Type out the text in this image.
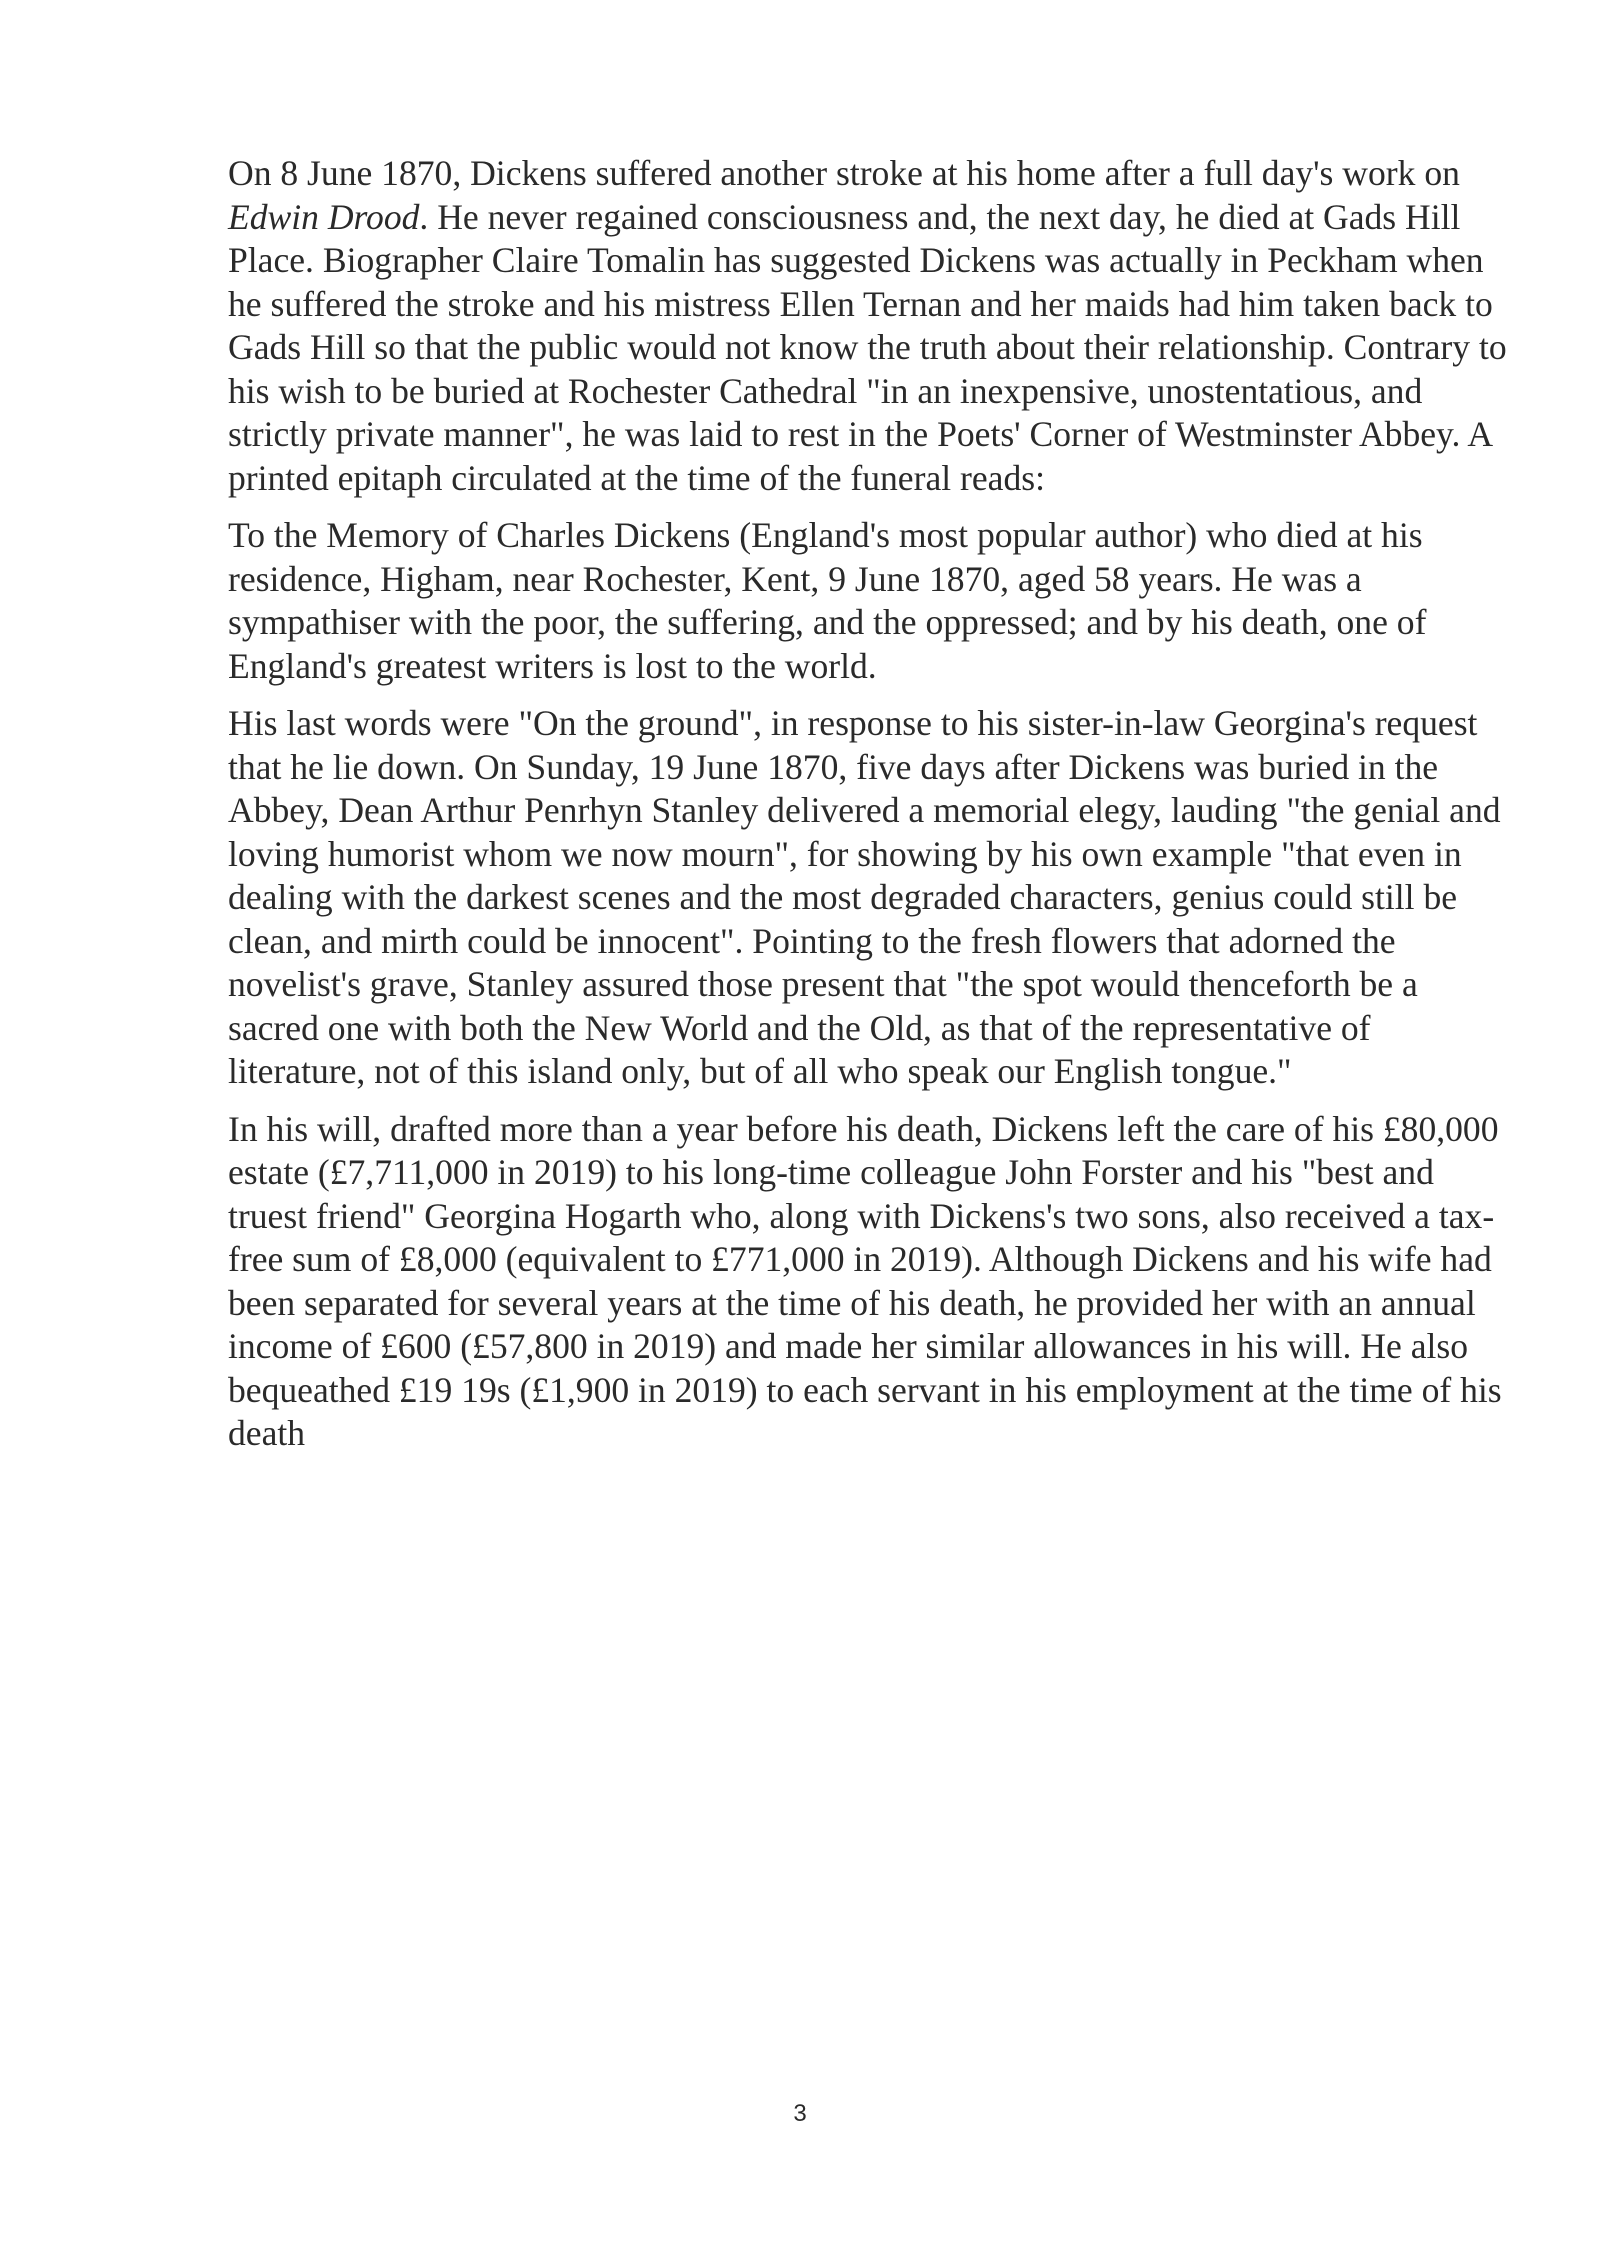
On 8 June 1870, Dickens suffered another stroke at his home after a full day's work on Edwin Drood. He never regained consciousness and, the next day, he died at Gads Hill Place. Biographer Claire Tomalin has suggested Dickens was actually in Peckham when he suffered the stroke and his mistress Ellen Ternan and her maids had him taken back to Gads Hill so that the public would not know the truth about their relationship. Contrary to his wish to be buried at Rochester Cathedral "in an inexpensive, unostentatious, and strictly private manner", he was laid to rest in the Poets' Corner of Westminster Abbey. A printed epitaph circulated at the time of the funeral reads:

To the Memory of Charles Dickens (England's most popular author) who died at his residence, Higham, near Rochester, Kent, 9 June 1870, aged 58 years. He was a sympathiser with the poor, the suffering, and the oppressed; and by his death, one of England's greatest writers is lost to the world.

His last words were "On the ground", in response to his sister-in-law Georgina's request that he lie down. On Sunday, 19 June 1870, five days after Dickens was buried in the Abbey, Dean Arthur Penrhyn Stanley delivered a memorial elegy, lauding "the genial and loving humorist whom we now mourn", for showing by his own example "that even in dealing with the darkest scenes and the most degraded characters, genius could still be clean, and mirth could be innocent". Pointing to the fresh flowers that adorned the novelist's grave, Stanley assured those present that "the spot would thenceforth be a sacred one with both the New World and the Old, as that of the representative of literature, not of this island only, but of all who speak our English tongue."

In his will, drafted more than a year before his death, Dickens left the care of his £80,000 estate (£7,711,000 in 2019) to his long-time colleague John Forster and his "best and truest friend" Georgina Hogarth who, along with Dickens's two sons, also received a tax-free sum of £8,000 (equivalent to £771,000 in 2019). Although Dickens and his wife had been separated for several years at the time of his death, he provided her with an annual income of £600 (£57,800 in 2019) and made her similar allowances in his will. He also bequeathed £19 19s (£1,900 in 2019) to each servant in his employment at the time of his death

3
